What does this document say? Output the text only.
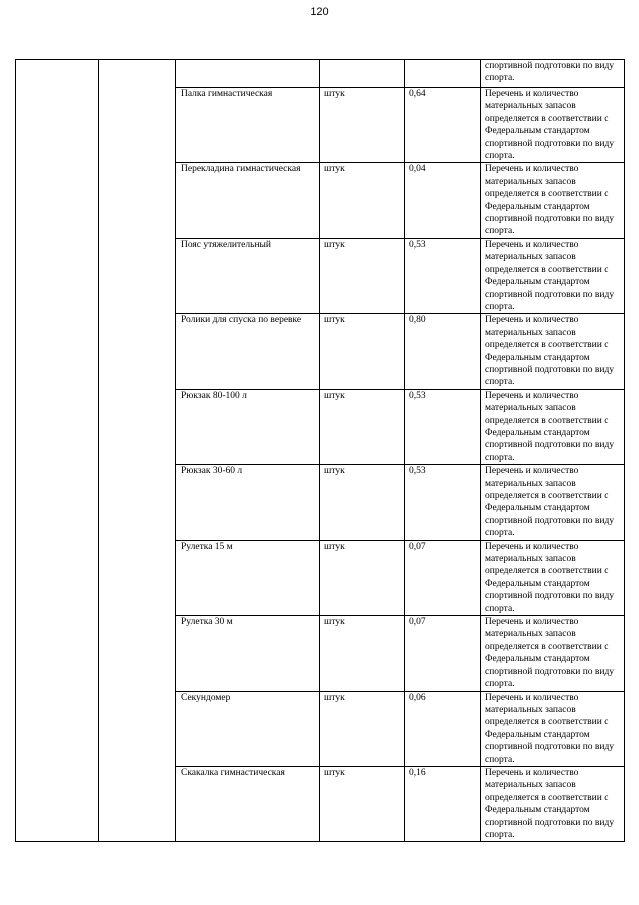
120
					спортивной подготовки по виду спорта.
		Палка гимнастическая	штук	0,64	Перечень и количество материальных запасов определяется в соответствии с Федеральным стандартом спортивной подготовки по виду спорта.
		Перекладина гимнастическая	штук	0,04	Перечень и количество материальных запасов определяется в соответствии с Федеральным стандартом спортивной подготовки по виду спорта.
		Пояс утяжелительный	штук	0,53	Перечень и количество материальных запасов определяется в соответствии с Федеральным стандартом спортивной подготовки по виду спорта.
		Ролики для спуска по веревке	штук	0,80	Перечень и количество материальных запасов определяется в соответствии с Федеральным стандартом спортивной подготовки по виду спорта.
		Рюкзак 80-100 л	штук	0,53	Перечень и количество материальных запасов определяется в соответствии с Федеральным стандартом спортивной подготовки по виду спорта.
		Рюкзак 30-60 л	штук	0,53	Перечень и количество материальных запасов определяется в соответствии с Федеральным стандартом спортивной подготовки по виду спорта.
		Рулетка 15 м	штук	0,07	Перечень и количество материальных запасов определяется в соответствии с Федеральным стандартом спортивной подготовки по виду спорта.
		Рулетка 30 м	штук	0,07	Перечень и количество материальных запасов определяется в соответствии с Федеральным стандартом спортивной подготовки по виду спорта.
		Секундомер	штук	0,06	Перечень и количество материальных запасов определяется в соответствии с Федеральным стандартом спортивной подготовки по виду спорта.
		Скакалка гимнастическая	штук	0,16	Перечень и количество материальных запасов определяется в соответствии с Федеральным стандартом спортивной подготовки по виду спорта.
